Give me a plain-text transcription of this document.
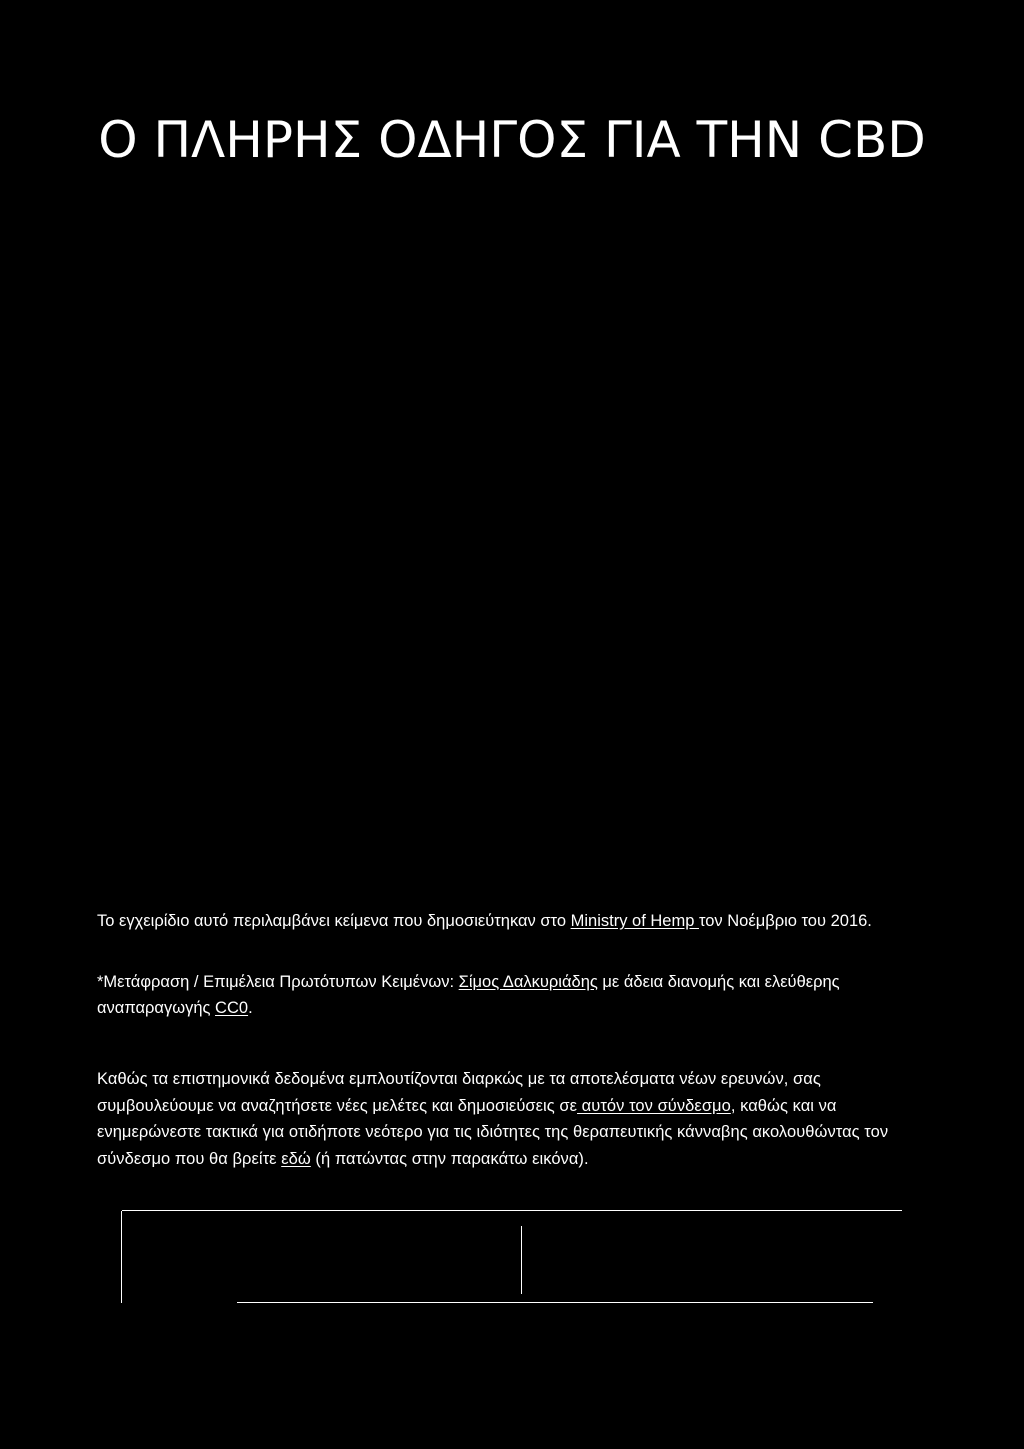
Ο ΠΛΗΡΗΣ ΟΔΗΓΟΣ ΓΙΑ ΤΗΝ CBD

Το εγχειρίδιο αυτό περιλαμβάνει κείμενα που δημοσιεύτηκαν στο Ministry of Hemp τον Νοέμβριο του 2016.

*Μετάφραση / Επιμέλεια Πρωτότυπων Κειμένων: Σίμος Δαλκυριάδης με άδεια διανομής και ελεύθερης αναπαραγωγής CC0.

Καθώς τα επιστημονικά δεδομένα εμπλουτίζονται διαρκώς με τα αποτελέσματα νέων ερευνών, σας συμβουλεύουμε να αναζητήσετε νέες μελέτες και δημοσιεύσεις σε αυτόν τον σύνδεσμο, καθώς και να ενημερώνεστε τακτικά για οτιδήποτε νεότερο για τις ιδιότητες της θεραπευτικής κάνναβης ακολουθώντας τον σύνδεσμο που θα βρείτε εδώ (ή πατώντας στην παρακάτω εικόνα).
